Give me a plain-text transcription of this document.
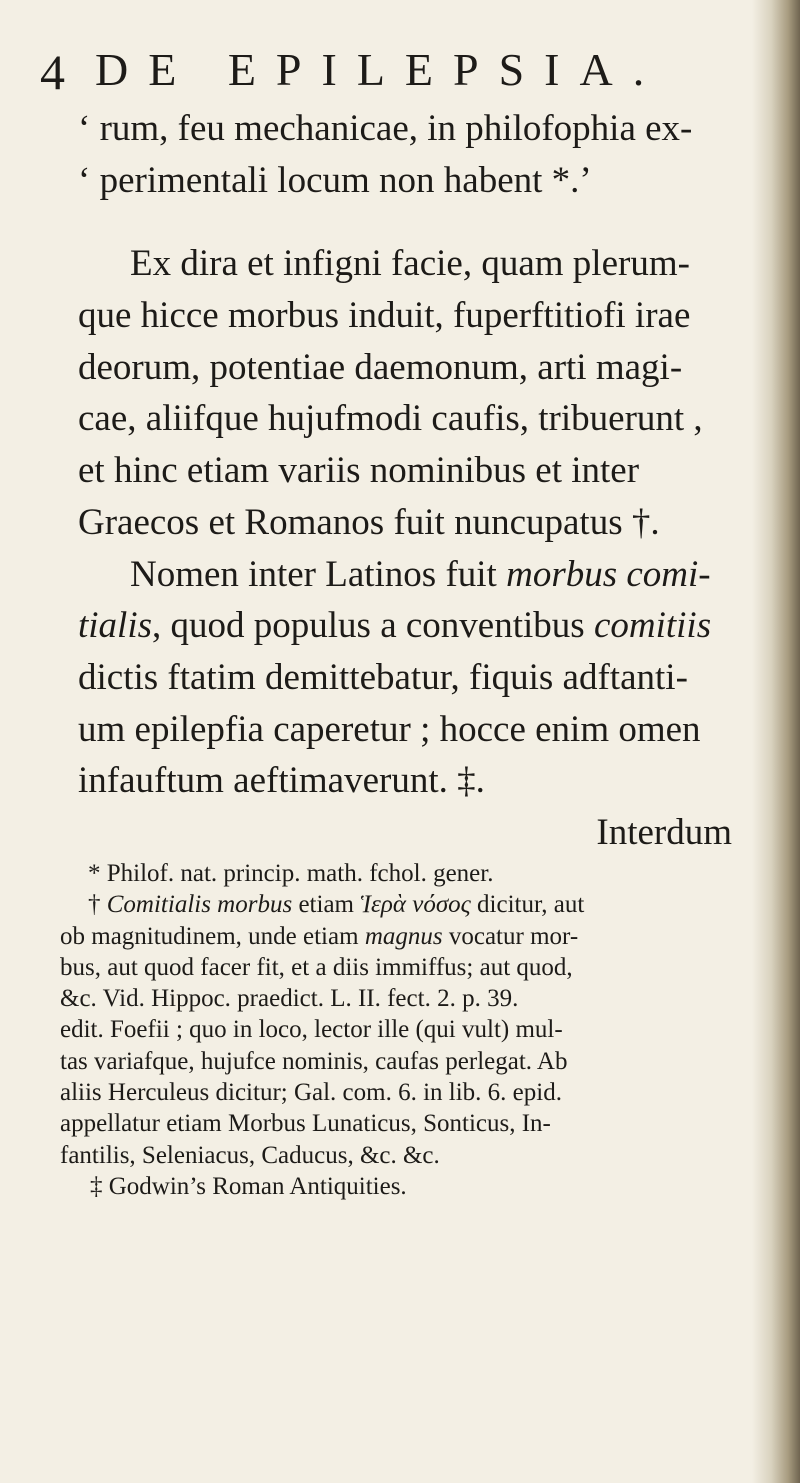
4 DE EPILEPSIA.
‘ rum, feu mechanicae, in philofophia ex-
‘ perimentali locum non habent *.’
Ex dira et infigni facie, quam plerum-
que hicce morbus induit, fuperftitiofi irae
deorum, potentiae daemonum, arti magi-
cae, aliifque hujufmodi caufis, tribuerunt ,
et hinc etiam variis nominibus et inter
Graecos et Romanos fuit nuncupatus †.
Nomen inter Latinos fuit morbus comi-
tialis, quod populus a conventibus comitiis
dictis ftatim demittebatur, fiquis adftanti-
um epilepfia caperetur ; hocce enim omen
infauftum aeftimaverunt. ‡.
Interdum
* Philof. nat. princip. math. fchol. gener.
† Comitialis morbus etiam Ἱερὰ νόσος dicitur, aut
ob magnitudinem, unde etiam magnus vocatur mor-
bus, aut quod facer fit, et a diis immiffus; aut quod,
&c. Vid. Hippoc. praedict. L. II. fect. 2. p. 39.
edit. Foefii ; quo in loco, lector ille (qui vult) mul-
tas variafque, hujufce nominis, caufas perlegat. Ab
aliis Herculeus dicitur; Gal. com. 6. in lib. 6. epid.
appellatur etiam Morbus Lunaticus, Sonticus, In-
fantilis, Seleniacus, Caducus, &c. &c.
‡ Godwin’s Roman Antiquities.
